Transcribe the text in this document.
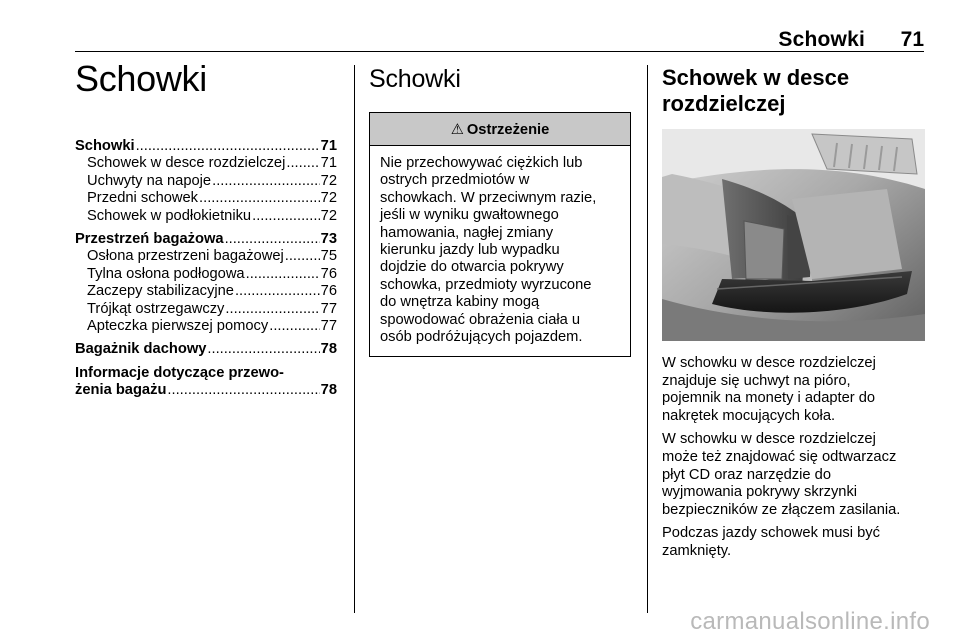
Schowki 71
Schowki
Schowki .....	71
Schowek w desce rozdzielczej ..... 71
Uchwyty na napoje .....	72
Przedni schowek .....	72
Schowek w podłokietniku .....	72
Przestrzeń bagażowa .....	73
Osłona przestrzeni bagażowej .....	75
Tylna osłona podłogowa .....	76
Zaczepy stabilizacyjne .....	76
Trójkąt ostrzegawczy .....	77
Apteczka pierwszej pomocy .....	77
Bagażnik dachowy .....	78
Informacje dotyczące przewo-
żenia bagażu .....	78
Schowki
⚠ Ostrzeżenie
Nie przechowywać ciężkich lub
ostrych przedmiotów w
schowkach. W przeciwnym razie,
jeśli w wyniku gwałtownego
hamowania, nagłej zmiany
kierunku jazdy lub wypadku
dojdzie do otwarcia pokrywy
schowka, przedmioty wyrzucone
do wnętrza kabiny mogą
spowodować obrażenia ciała u
osób podróżujących pojazdem.
Schowek w desce
rozdzielczej

W schowku w desce rozdzielczej
znajduje się uchwyt na pióro,
pojemnik na monety i adapter do
nakrętek mocujących koła.

W schowku w desce rozdzielczej
może też znajdować się odtwarzacz
płyt CD oraz narzędzie do
wyjmowania pokrywy skrzynki
bezpieczników ze złączem zasilania.

Podczas jazdy schowek musi być
zamknięty.

carmanualsonline.info
